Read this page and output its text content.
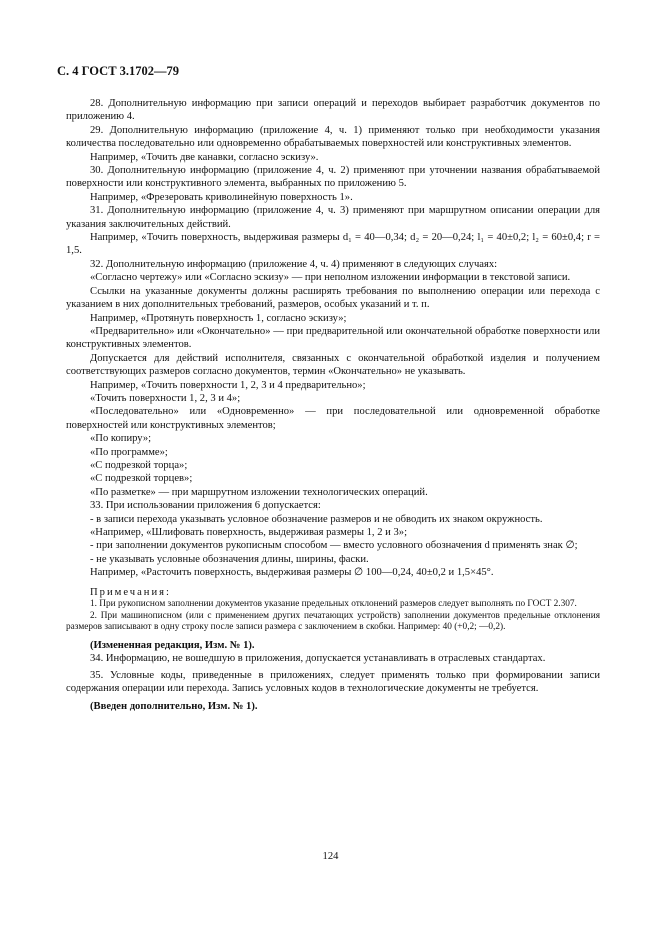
С. 4 ГОСТ 3.1702—79

28. Дополнительную информацию при записи операций и переходов выбирает разработчик документов по приложению 4.

29. Дополнительную информацию (приложение 4, ч. 1) применяют только при необходимости указания количества последовательно или одновременно обрабатываемых поверхностей или конструктивных элементов.

Например, «Точить две канавки, согласно эскизу».

30. Дополнительную информацию (приложение 4, ч. 2) применяют при уточнении названия обрабатываемой поверхности или конструктивного элемента, выбранных по приложению 5.

Например, «Фрезеровать криволинейную поверхность 1».

31. Дополнительную информацию (приложение 4, ч. 3) применяют при маршрутном описании операции для указания заключительных действий.

Например, «Точить поверхность, выдерживая размеры d₁ = 40—0,34; d₂ = 20—0,24; l₁ = 40±0,2; l₂ = 60±0,4; r = 1,5.

32. Дополнительную информацию (приложение 4, ч. 4) применяют в следующих случаях:

«Согласно чертежу» или «Согласно эскизу» — при неполном изложении информации в текстовой записи.

Ссылки на указанные документы должны расширять требования по выполнению операции или перехода с указанием в них дополнительных требований, размеров, особых указаний и т. п.

Например, «Протянуть поверхность 1, согласно эскизу»;

«Предварительно» или «Окончательно» — при предварительной или окончательной обработке поверхности или конструктивных элементов.

Допускается для действий исполнителя, связанных с окончательной обработкой изделия и получением соответствующих размеров согласно документов, термин «Окончательно» не указывать.

Например, «Точить поверхности 1, 2, 3 и 4 предварительно»;

«Точить поверхности 1, 2, 3 и 4»;

«Последовательно» или «Одновременно» — при последовательной или одновременной обработке поверхностей или конструктивных элементов;

«По копиру»;

«По программе»;

«С подрезкой торца»;

«С подрезкой торцев»;

«По разметке» — при маршрутном изложении технологических операций.

33. При использовании приложения 6 допускается:

- в записи перехода указывать условное обозначение размеров и не обводить их знаком окружность.

«Например, «Шлифовать поверхность, выдерживая размеры 1, 2 и 3»;

- при заполнении документов рукописным способом — вместо условного обозначения d применять знак ∅;

- не указывать условные обозначения длины, ширины, фаски.

Например, «Расточить поверхность, выдерживая размеры ∅ 100—0,24, 40±0,2 и 1,5×45°.

Примечания:

1. При рукописном заполнении документов указание предельных отклонений размеров следует выполнять по ГОСТ 2.307.

2. При машинописном (или с применением других печатающих устройств) заполнении документов предельные отклонения размеров записывают в одну строку после записи размера с заключением в скобки. Например: 40 (+0,2; —0,2).

(Измененная редакция, Изм. № 1).

34. Информацию, не вошедшую в приложения, допускается устанавливать в отраслевых стандартах.

35. Условные коды, приведенные в приложениях, следует применять только при формировании записи содержания операции или перехода. Запись условных кодов в технологические документы не требуется.

(Введен дополнительно, Изм. № 1).

124
